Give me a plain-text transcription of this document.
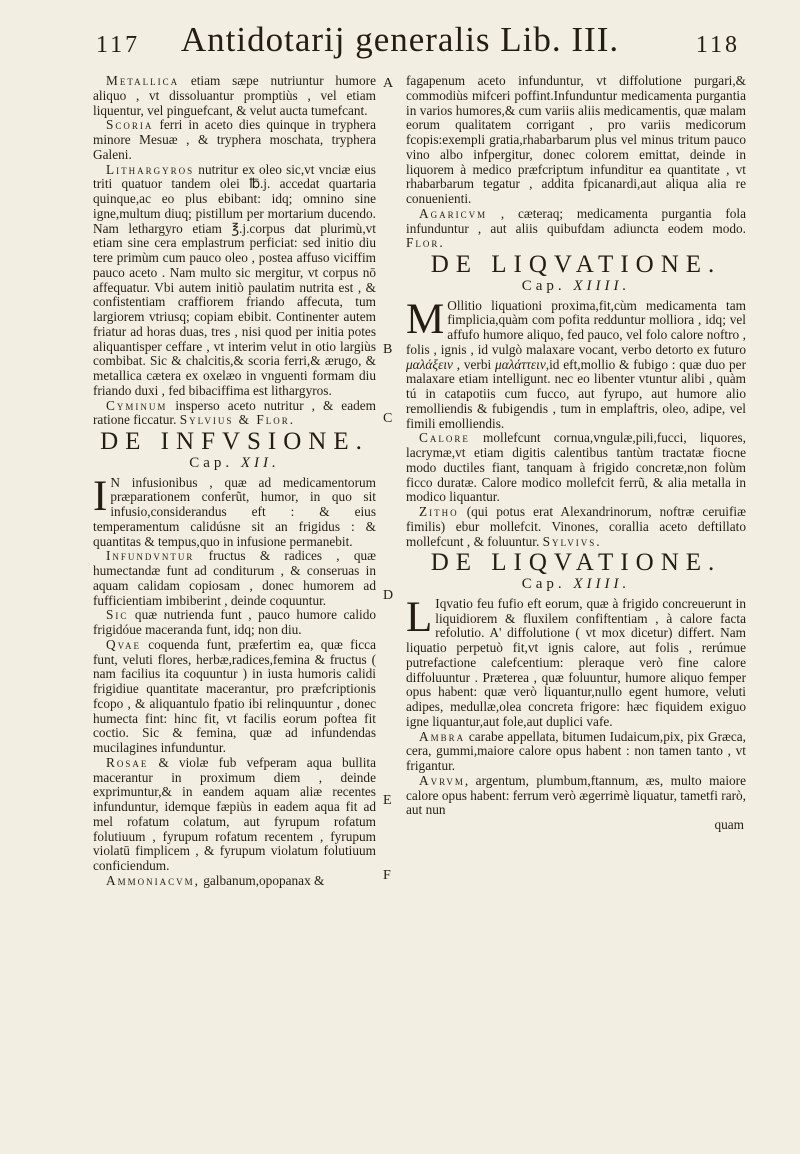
117	Antidotarij generalis Lib. III.	118
A
B
C
D
E
F

Metallica etiam sæpe nutriuntur humore aliquo , vt dissoluantur promptiùs , vel etiam liquentur, vel pinguefcant, & velut aucta tumefcant.

Scoria ferri in aceto dies quinque in tryphera minore Mesuæ , & tryphera moschata, tryphera Galeni.

Lithargyros nutritur ex oleo sic,vt vnciæ eius triti quatuor tandem olei ℔.j. accedat quartaria quinque,ac eo plus ebibant: idq; omnino sine igne,multum diuq; pistillum per mortarium ducendo. Nam lethargyro etiam ℥.j.corpus dat plurimù,vt etiam sine cera emplastrum perficiat: sed initio diu tere primùm cum pauco oleo , postea affuso viciffim pauco aceto . Nam multo sic mergitur, vt corpus nō affequatur. Vbi autem initiò paulatim nutrita est , & confistentiam craffiorem friando affecuta, tum largiorem vtriusq; copiam ebibit. Continenter autem friatur ad horas duas, tres , nisi quod per initia potes aliquantisper ceffare , vt interim velut in otio largiùs combibat. Sic & chalcitis,& scoria ferri,& ærugo, & metallica cætera ex oxelæo in vnguenti formam diu friando duxi , fed bibaciffima est lithargyros.

Cyminum inspersо aceto nutritur , & eadem ratione ficcatur. Sylvius & Flor.

DE INFVSIONE.
Cap. XII.

I N infusionibus , quæ ad medicamentorum præparationem conferũt, humor, in quo sit infusio,considerandus eft : & eius temperamentum calidúsne sit an frigidus : & quantitas & tempus,quo in infusione permanebit.

Infundvntur fructus & radices , quæ humectandæ funt ad conditurum , & conseruas in aquam calidam copiosam , donec humorem ad fufficientiam imbiberint , deinde coquuntur.

Sic quæ nutrienda funt , pauco humore calido frigidóue maceranda funt, idq; non diu.

Qvae coquenda funt, præfertim ea, quæ ficca funt, veluti flores, herbæ,radices,femina & fructus ( nam facilius ita coquuntur ) in iusta humoris calidi frigidiue quantitate macerantur, pro præfcriptionis fcopo , & aliquantulo fpatio ibi relinquuntur , donec humecta fint: hinc fit, vt facilis eorum poftea fit coctio. Sic & femina, quæ ad infundendas mucilagines infunduntur.

Rosae & violæ fub vefperam aqua bullita macerantur in proximum diem , deinde exprimuntur,& in eandem aquam aliæ recentes infunduntur, idemque fæpiùs in eadem aqua fit ad mel rofatum colatum, aut fyrupum rofatum folutiuum , fyrupum rofatum recentem , fyrupum violatū fimplicem , & fyrupum violatum folutiuum conficiendum.

Ammoniacvm, galbanum,opopanax &

fagapenum aceto infunduntur, vt diffolutione purgari,& commodiùs mifceri poffint.Infunduntur medicamenta purgantia in varios humores,& cum variis aliis medicamentis, quæ malam eorum qualitatem corrigant , pro variis medicorum fcopis:exempli gratia,rhabarbarum plus vel minus tritum pauco vino albo infpergitur, donec colorem emittat, deinde in liquorem à medico præfcriptum infunditur ea quantitate , vt rhabarbarum tegatur , addita fpicanardi,aut aliqua alia re conuenienti.

Agaricvm , cæteraq; medicamenta purgantia fola infunduntur , aut aliis quibufdam adiuncta eodem modo. Flor.

DE LIQVATIONE.
Cap. XIIII.

M Ollitio liquationi proxima,fit,cùm medicamenta tam fimplicia,quàm com pofita redduntur molliora , idq; vel affufo humore aliquo, fed pauco, vel folo calore noftro , folis , ignis , id vulgò malaxare vocant, verbo detorto ex futuro μαλάξειν , verbi μαλάττειν,id eft,mollio & fubigo : quæ duo per malaxare etiam intelligunt. nec eo libenter vtuntur alibi , quàm tú in catapotiis cum fucco, aut fyrupo, aut humore alio remolliendis & fubigendis , tum in emplaftris, oleo, adipe, vel fimili emolliendis.

Calore mollefcunt cornua,vngulæ,pili,fucci, liquores, lacrymæ,vt etiam digitis calentibus tantùm tractatæ fiocne modo ductiles fiant, tanquam à frigido concretæ,non folùm ficco duratæ. Calore modico mollefcit ferrũ, & alia metalla in modico liquantur.

Zitho (qui potus erat Alexandrinorum, noftræ ceruifiæ fimilis) ebur mollefcit. Vinones, corallia aceto deftillato mollefcunt , & foluuntur. Sylvivs.

DE LIQVATIONE.
Cap. XIIII.

L Iqvatio feu fufio eft eorum, quæ à frigido concreuerunt in liquidiorem & fluxilem confiftentiam , à calore facta refolutio. A' diffolutione ( vt mox dicetur) differt. Nam liquatio perpetuò fit,vt ignis calore, aut folis , rerúmue putrefactione calefcentium: pleraque verò fine calore diffoluuntur . Præterea , quæ foluuntur, humore aliquo femper opus habent: quæ verò liquantur,nullo egent humore, veluti adipes, medullæ,olea concreta frigore: hæc fiquidem exiguo igne liquantur,aut fole,aut duplici vafe.

Ambra carabe appellata, bitumen Iudaicum,pix, pix Græca, cera, gummi,maiore calore opus habent : non tamen tanto , vt frigantur.

Avrvm, argentum, plumbum,ftannum, æs, multo maiore calore opus habent: ferrum verò ægerrimè liquatur, tametfi rarò, aut nun

quam
